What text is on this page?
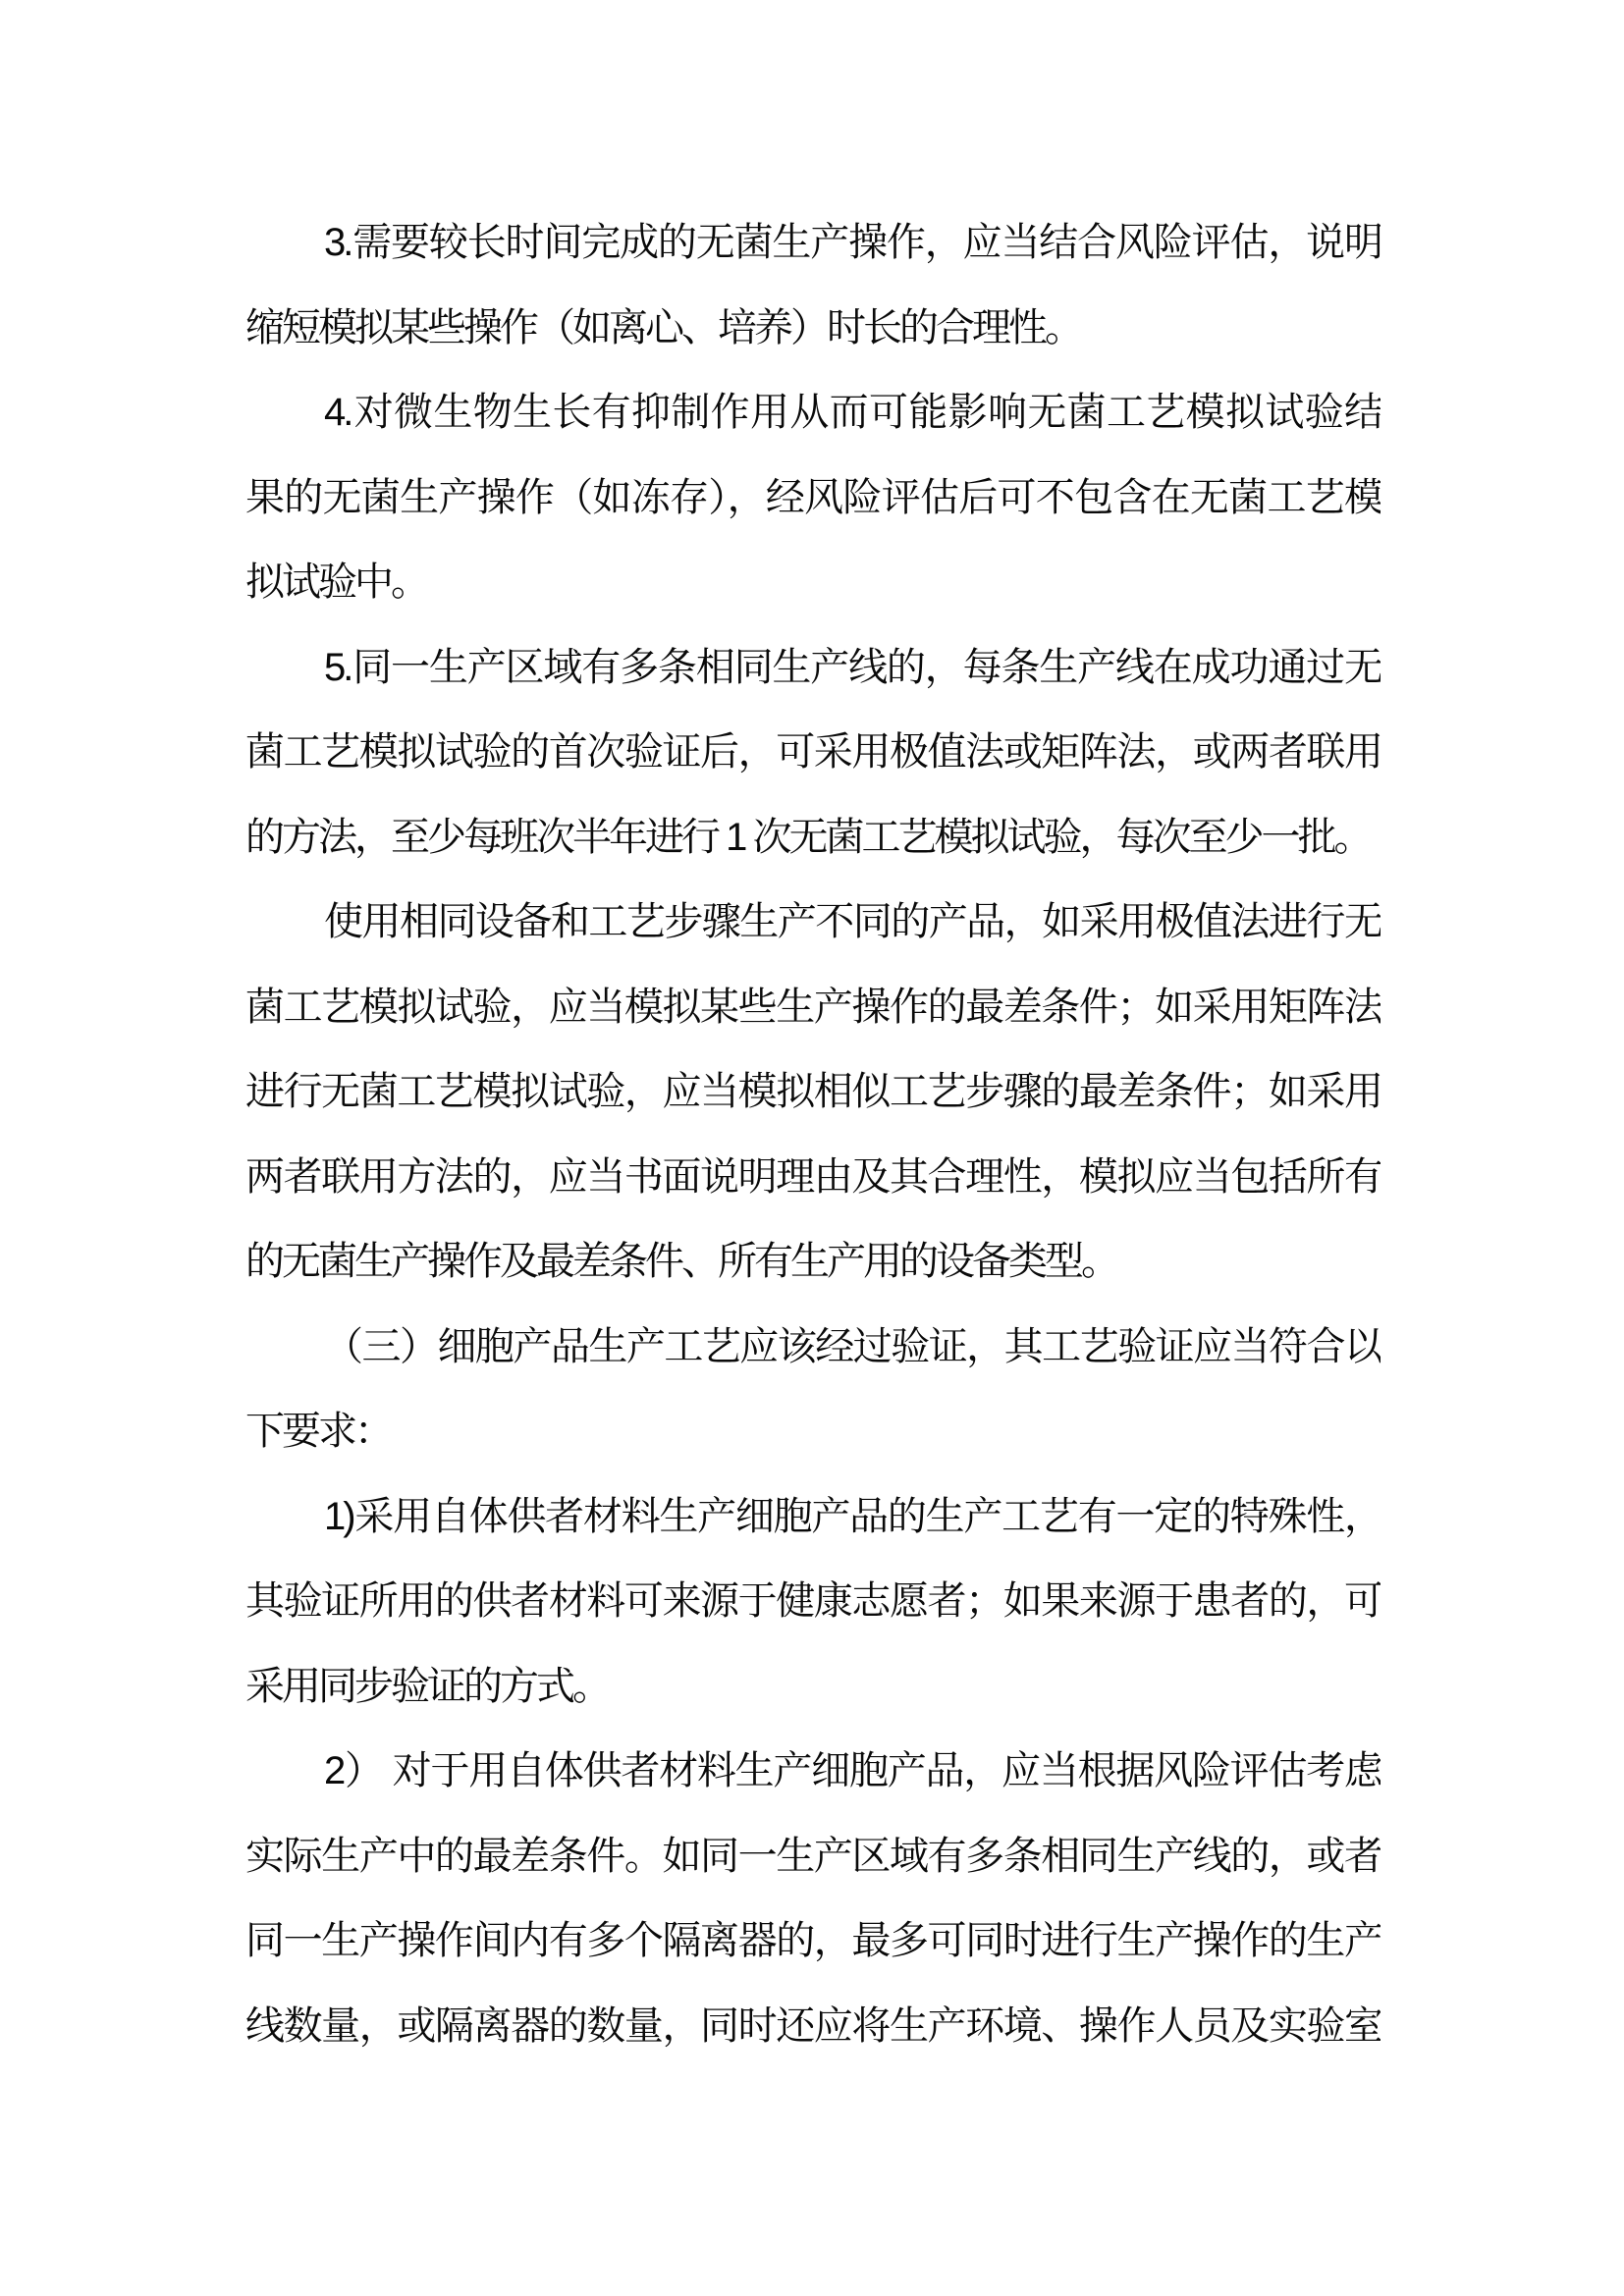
3.需要较长时间完成的无菌生产操作，应当结合风险评估，说明
缩短模拟某些操作（如离心、培养）时长的合理性。
4.对微生物生长有抑制作用从而可能影响无菌工艺模拟试验结
果的无菌生产操作（如冻存），经风险评估后可不包含在无菌工艺模
拟试验中。
5.同一生产区域有多条相同生产线的，每条生产线在成功通过无
菌工艺模拟试验的首次验证后，可采用极值法或矩阵法，或两者联用
的方法，至少每班次半年进行 1 次无菌工艺模拟试验，每次至少一批。
使用相同设备和工艺步骤生产不同的产品，如采用极值法进行无
菌工艺模拟试验，应当模拟某些生产操作的最差条件；如采用矩阵法
进行无菌工艺模拟试验，应当模拟相似工艺步骤的最差条件；如采用
两者联用方法的，应当书面说明理由及其合理性，模拟应当包括所有
的无菌生产操作及最差条件、所有生产用的设备类型。
（三）细胞产品生产工艺应该经过验证，其工艺验证应当符合以
下要求：
1)采用自体供者材料生产细胞产品的生产工艺有一定的特殊性，
其验证所用的供者材料可来源于健康志愿者；如果来源于患者的，可
采用同步验证的方式。
2） 对于用自体供者材料生产细胞产品，应当根据风险评估考虑
实际生产中的最差条件。如同一生产区域有多条相同生产线的，或者
同一生产操作间内有多个隔离器的，最多可同时进行生产操作的生产
线数量，或隔离器的数量，同时还应将生产环境、操作人员及实验室
